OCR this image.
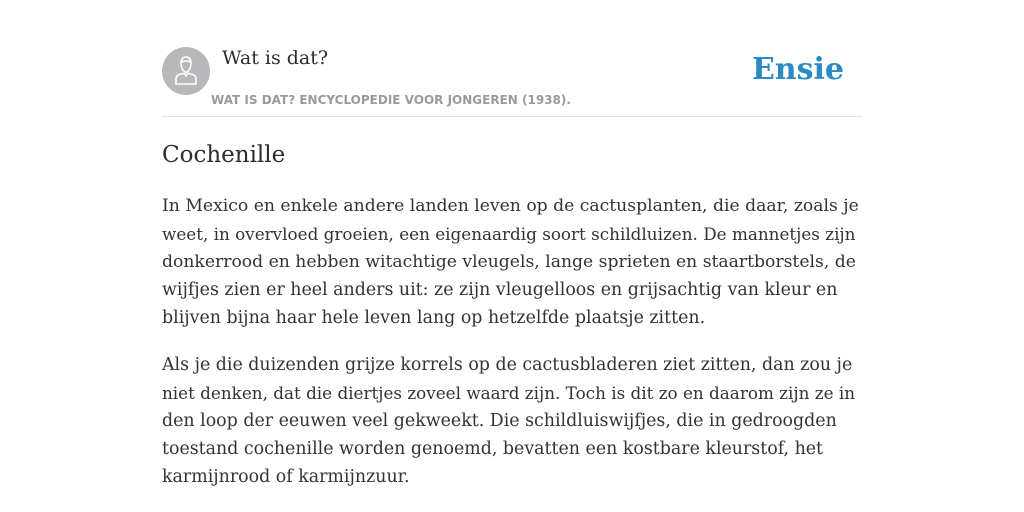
Wat is dat?
WAT IS DAT? ENCYCLOPEDIE VOOR JONGEREN (1938).
Ensie
Cochenille
In Mexico en enkele andere landen leven op de cactusplanten, die daar, zoals je
weet, in overvloed groeien, een eigenaardig soort schildluizen. De mannetjes zijn
donkerrood en hebben witachtige vleugels, lange sprieten en staartborstels, de
wijfjes zien er heel anders uit: ze zijn vleugelloos en grijsachtig van kleur en
blijven bijna haar hele leven lang op hetzelfde plaatsje zitten.
Als je die duizenden grijze korrels op de cactusbladeren ziet zitten, dan zou je
niet denken, dat die diertjes zoveel waard zijn. Toch is dit zo en daarom zijn ze in
den loop der eeuwen veel gekweekt. Die schildluiswijfjes, die in gedroogden
toestand cochenille worden genoemd, bevatten een kostbare kleurstof, het
karmijnrood of karmijnzuur.
